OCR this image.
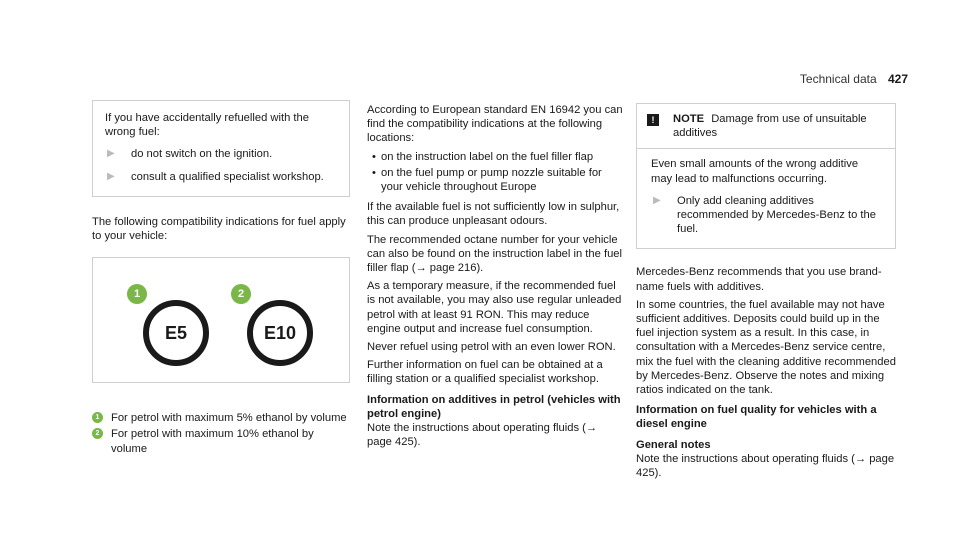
Technical data 427

If you have accidentally refuelled with the wrong fuel:

▶	do not switch on the ignition.
▶	consult a qualified specialist workshop.

The following compatibility indications for fuel apply to your vehicle:

1
E5
2
E10
1	For petrol with maximum 5% ethanol by volume
2	For petrol with maximum 10% ethanol by volume

According to European standard EN 16942 you can find the compatibility indications at the following locations:

• on the instruction label on the fuel filler flap
• on the fuel pump or pump nozzle suitable for your vehicle throughout Europe

If the available fuel is not sufficiently low in sulphur, this can produce unpleasant odours.

The recommended octane number for your vehicle can also be found on the instruction label in the fuel filler flap (→ page 216).

As a temporary measure, if the recommended fuel is not available, you may also use regular unleaded petrol with at least 91 RON. This may reduce engine output and increase fuel consumption.

Never refuel using petrol with an even lower RON.

Further information on fuel can be obtained at a filling station or a qualified specialist workshop.

Information on additives in petrol (vehicles with petrol engine)

Note the instructions about operating fluids (→ page 425).

!	NOTE Damage from use of unsuitable additives

Even small amounts of the wrong additive may lead to malfunctions occurring.

▶	Only add cleaning additives recommended by Mercedes-Benz to the fuel.

Mercedes-Benz recommends that you use brand-name fuels with additives.

In some countries, the fuel available may not have sufficient additives. Deposits could build up in the fuel injection system as a result. In this case, in consultation with a Mercedes-Benz service centre, mix the fuel with the cleaning additive recommended by Mercedes-Benz. Observe the notes and mixing ratios indicated on the tank.

Information on fuel quality for vehicles with a diesel engine
General notes

Note the instructions about operating fluids (→ page 425).
